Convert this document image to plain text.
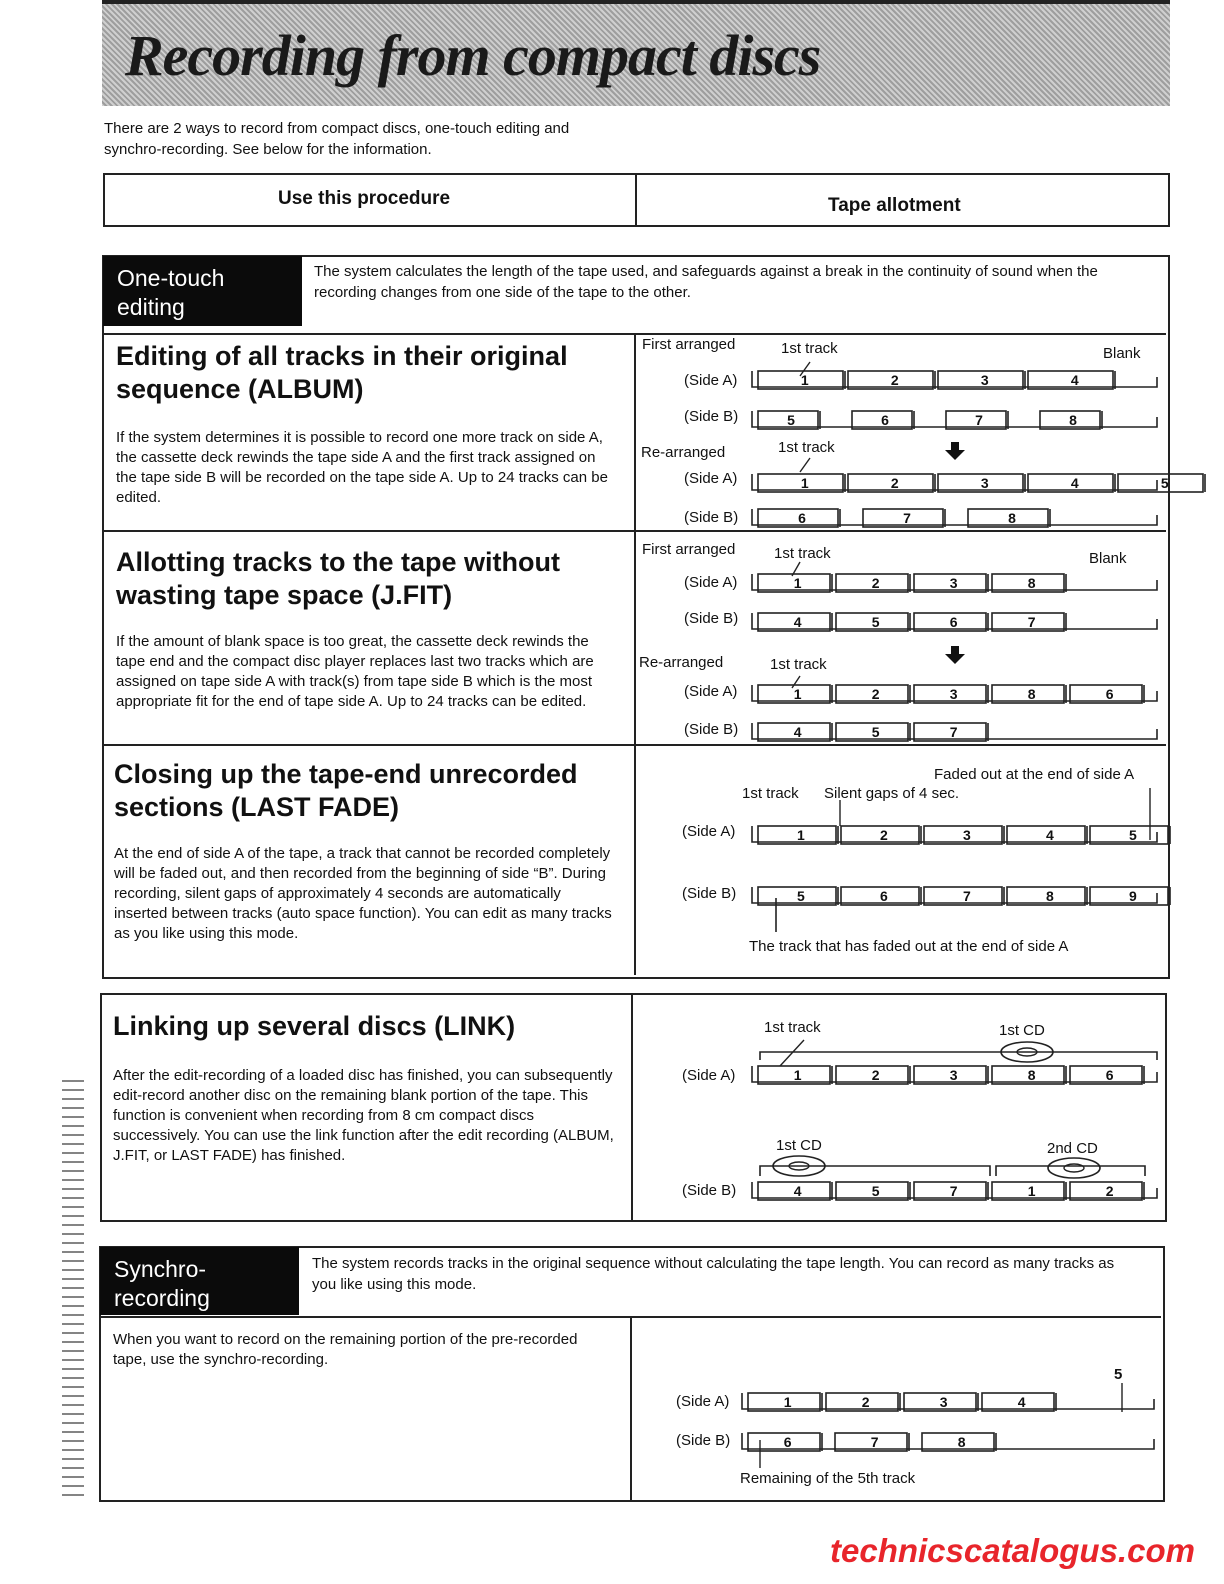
Recording from compact discs
There are 2 ways to record from compact discs, one-touch editing and synchro-recording. See below for the information.
Use this procedure	Tape allotment
One-touch editing
The system calculates the length of the tape used, and safeguards against a break in the continuity of sound when the recording changes from one side of the tape to the other.
Editing of all tracks in their original sequence (ALBUM)
If the system determines it is possible to record one more track on side A, the cassette deck rewinds the tape side A and the first track assigned on the tape side B will be recorded on the tape side A. Up to 24 tracks can be edited.
Allotting tracks to the tape without wasting tape space (J.FIT)
If the amount of blank space is too great, the cassette deck rewinds the tape end and the compact disc player replaces last two tracks which are assigned on tape side A with track(s) from tape side B which is the most appropriate fit for the end of tape side A. Up to 24 tracks can be edited.
Closing up the tape-end unrecorded sections (LAST FADE)
At the end of side A of the tape, a track that cannot be recorded completely will be faded out, and then recorded from the beginning of side “B”. During recording, silent gaps of approximately 4 seconds are automatically inserted between tracks (auto space function). You can edit as many tracks as you like using this mode.
Linking up several discs (LINK)
After the edit-recording of a loaded disc has finished, you can subsequently edit-record another disc on the remaining blank portion of the tape. This function is convenient when recording from 8 cm compact discs successively. You can use the link function after the edit recording (ALBUM, J.FIT, or LAST FADE) has finished.
Synchro-recording
The system records tracks in the original sequence without calculating the tape length. You can record as many tracks as you like using this mode.
When you want to record on the remaining portion of the pre-recorded tape, use the synchro-recording.
First arranged	1st track	Blank
(Side A)
(Side B)
Re-arranged	1st track
(Side A)
(Side B)
First arranged	1st track	Blank
(Side A)
(Side B)
Re-arranged	1st track
(Side A)
(Side B)
Faded out at the end of side A
1st track Silent gaps of 4 sec.
(Side A)
(Side B)
The track that has faded out at the end of side A
1st track	1st CD
(Side A)
1st CD	2nd CD
(Side B)
(Side A)
(Side B)
Remaining of the 5th track
5
1	2	3	4
5	6	7	8
1	2	3	4	5
6	7	8
1	2	3	8
4	5	6	7
1	2	3	8	6
4	5	7
1	2	3	4	5
5	6	7	8	9
1	2	3	8	6
4	5	7	1	2
1	2	3	4
6	7	8
technicscatalogus.com
